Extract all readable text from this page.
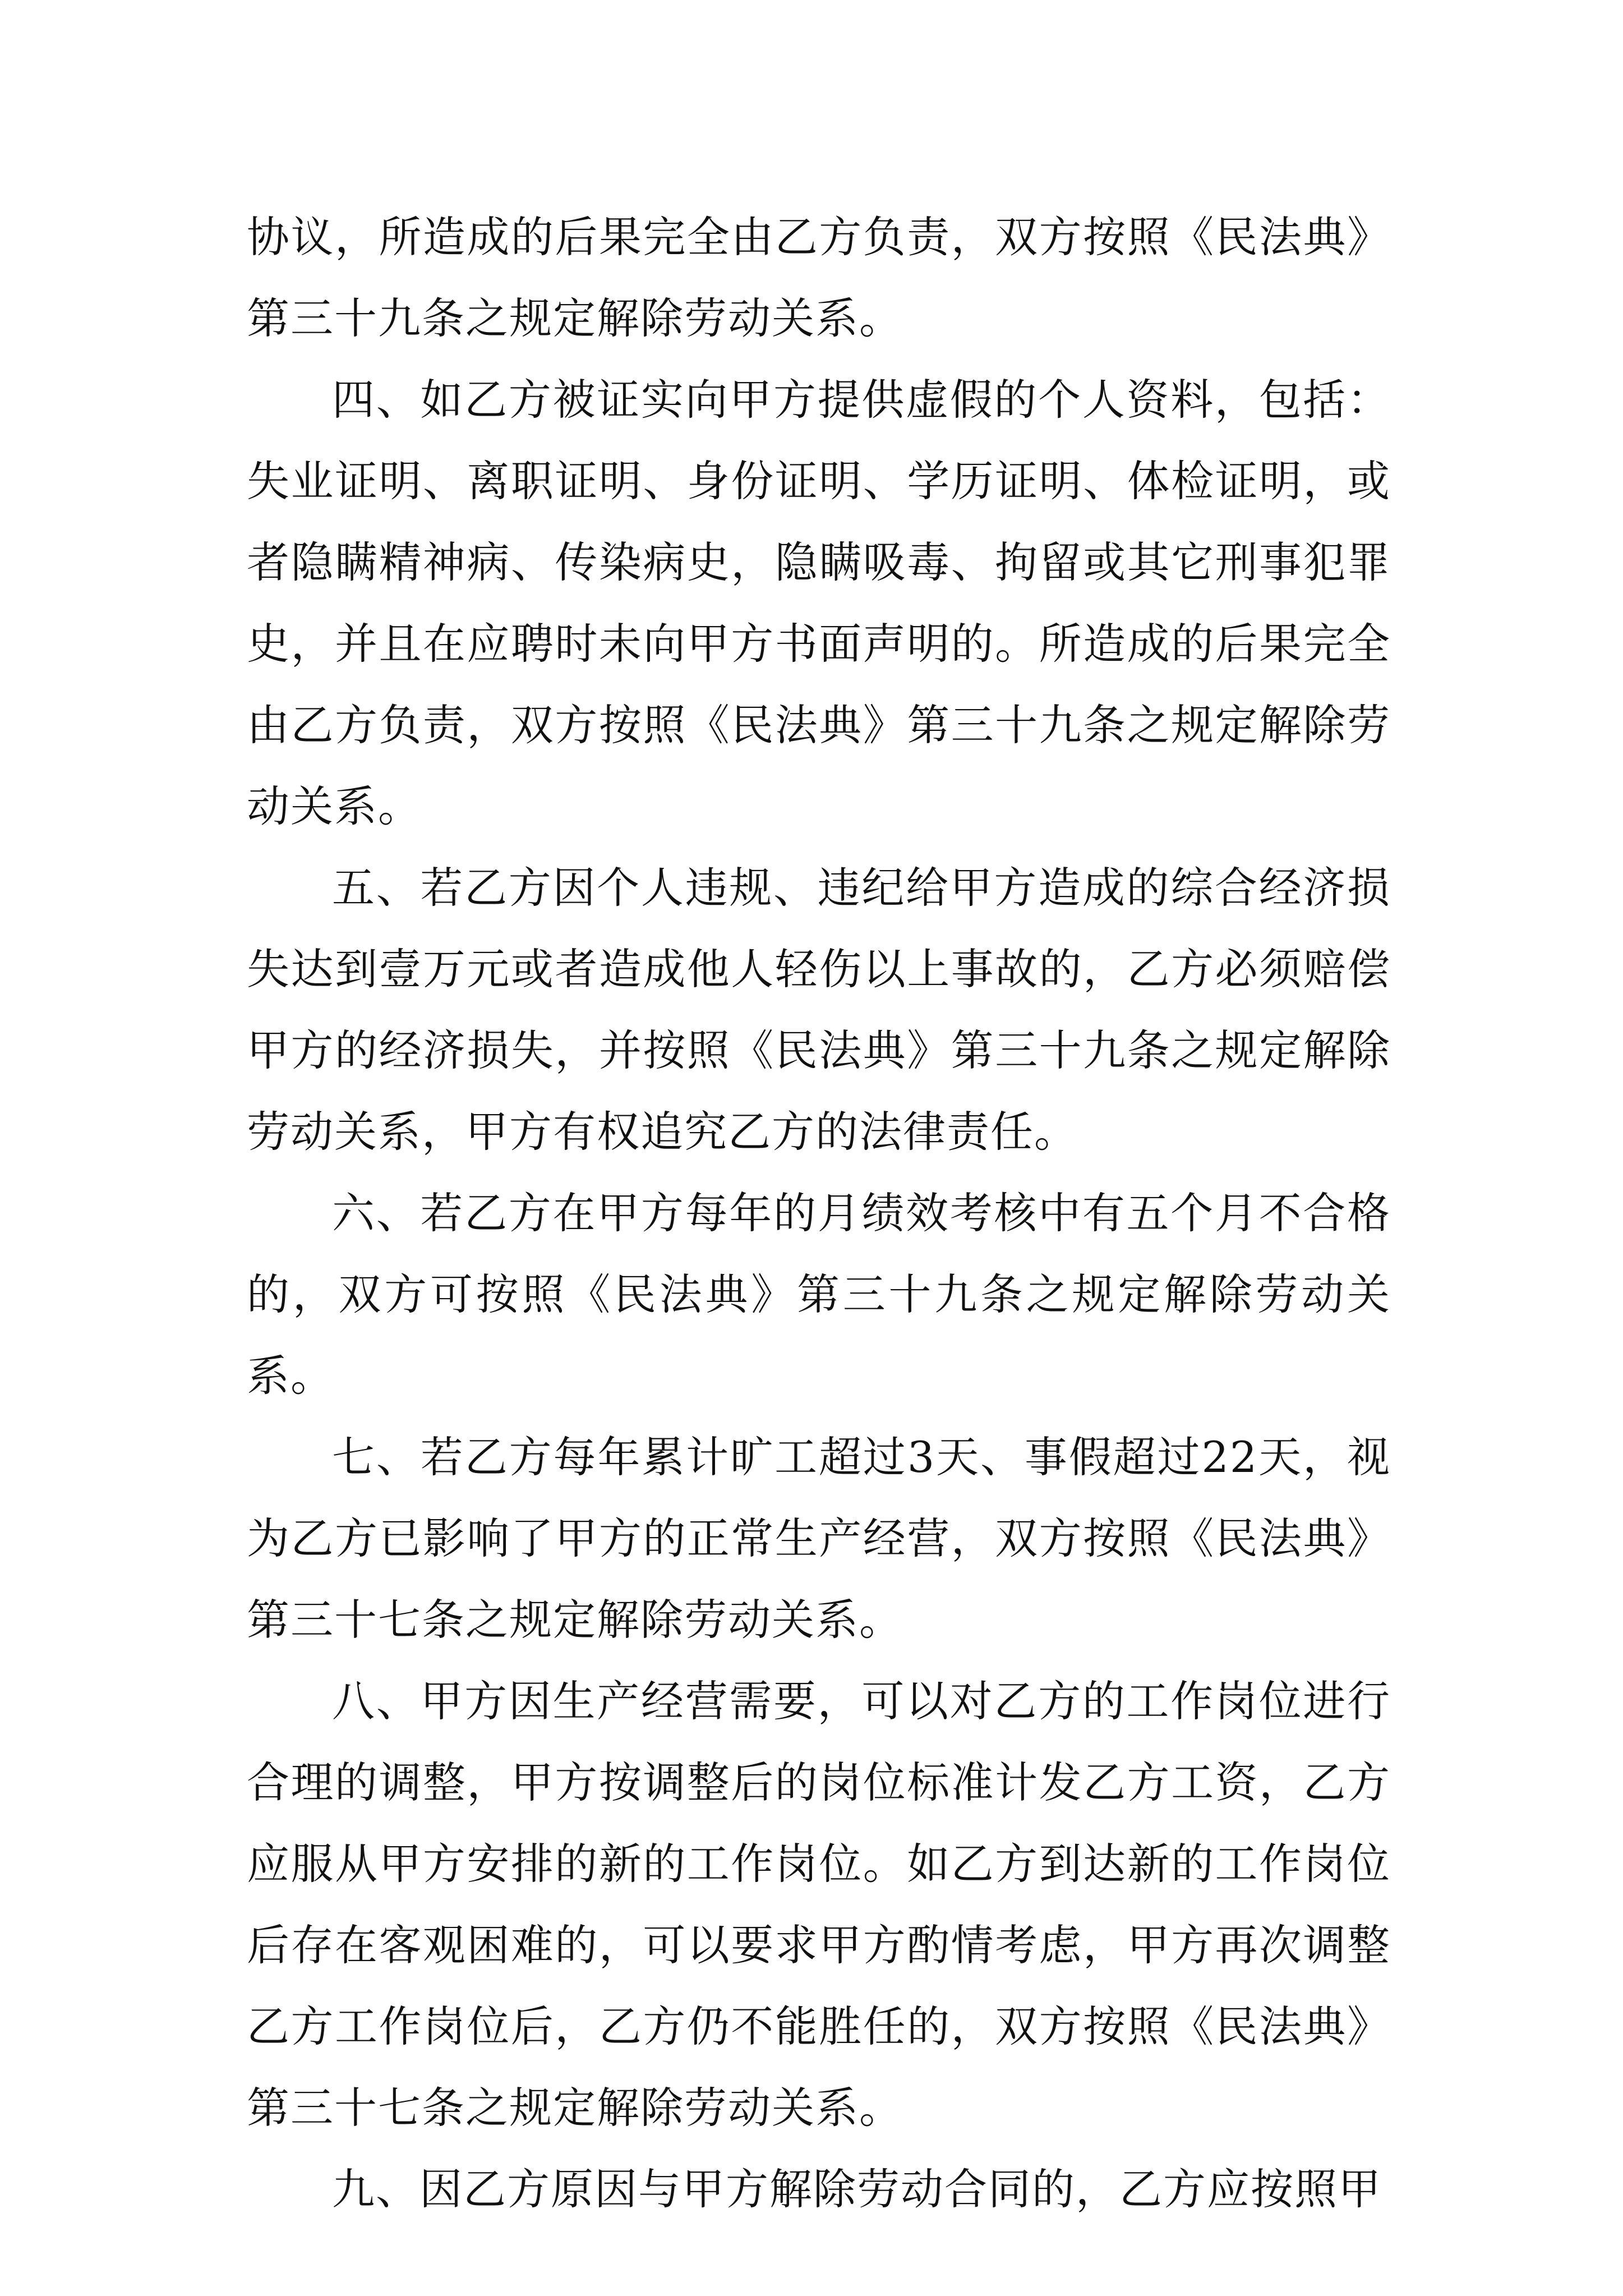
协议，所造成的后果完全由乙方负责，双方按照《民法典》第三十九条之规定解除劳动关系。

四、如乙方被证实向甲方提供虚假的个人资料，包括：失业证明、离职证明、身份证明、学历证明、体检证明，或者隐瞒精神病、传染病史，隐瞒吸毒、拘留或其它刑事犯罪史，并且在应聘时未向甲方书面声明的。所造成的后果完全由乙方负责，双方按照《民法典》第三十九条之规定解除劳动关系。

五、若乙方因个人违规、违纪给甲方造成的综合经济损失达到壹万元或者造成他人轻伤以上事故的，乙方必须赔偿甲方的经济损失，并按照《民法典》第三十九条之规定解除劳动关系，甲方有权追究乙方的法律责任。

六、若乙方在甲方每年的月绩效考核中有五个月不合格的，双方可按照《民法典》第三十九条之规定解除劳动关系。

七、若乙方每年累计旷工超过3天、事假超过22天，视为乙方已影响了甲方的正常生产经营，双方按照《民法典》第三十七条之规定解除劳动关系。

八、甲方因生产经营需要，可以对乙方的工作岗位进行合理的调整，甲方按调整后的岗位标准计发乙方工资，乙方应服从甲方安排的新的工作岗位。如乙方到达新的工作岗位后存在客观困难的，可以要求甲方酌情考虑，甲方再次调整乙方工作岗位后，乙方仍不能胜任的，双方按照《民法典》第三十七条之规定解除劳动关系。

九、因乙方原因与甲方解除劳动合同的，乙方应按照甲
